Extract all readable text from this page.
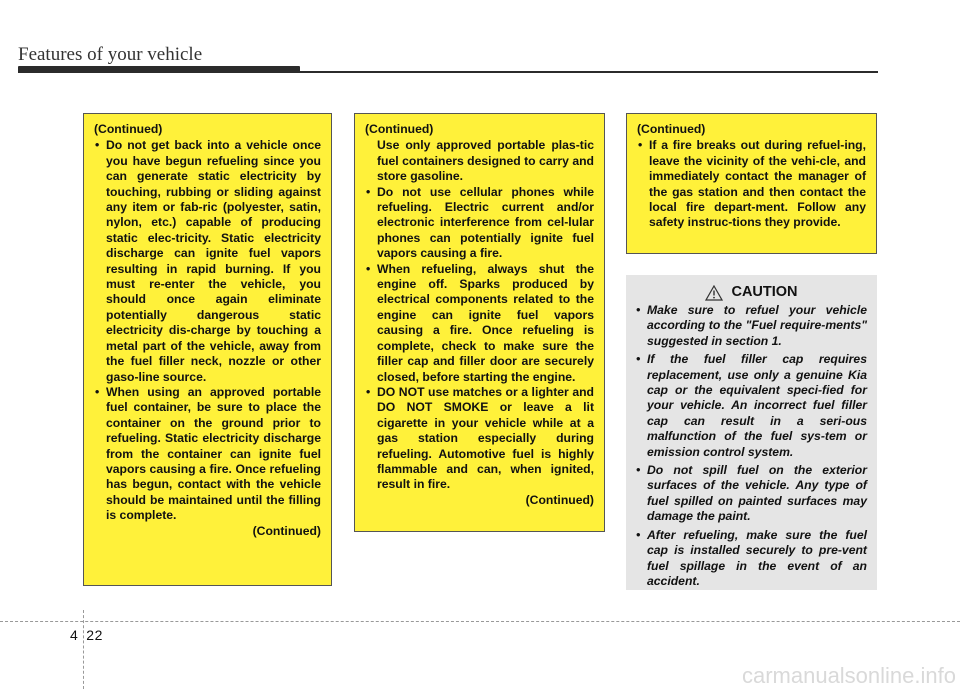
Features of your vehicle
(Continued)
• Do not get back into a vehicle once you have begun refueling since you can generate static electricity by touching, rubbing or sliding against any item or fab-ric (polyester, satin, nylon, etc.) capable of producing static elec-tricity. Static electricity discharge can ignite fuel vapors resulting in rapid burning. If you must re-enter the vehicle, you should once again eliminate potentially dangerous static electricity dis-charge by touching a metal part of the vehicle, away from the fuel filler neck, nozzle or other gaso-line source.
• When using an approved portable fuel container, be sure to place the container on the ground prior to refueling. Static electricity discharge from the container can ignite fuel vapors causing a fire. Once refueling has begun, contact with the vehicle should be maintained until the filling is complete.
(Continued)
(Continued)
Use only approved portable plas-tic fuel containers designed to carry and store gasoline.
• Do not use cellular phones while refueling. Electric current and/or electronic interference from cel-lular phones can potentially ignite fuel vapors causing a fire.
• When refueling, always shut the engine off. Sparks produced by electrical components related to the engine can ignite fuel vapors causing a fire. Once refueling is complete, check to make sure the filler cap and filler door are securely closed, before starting the engine.
• DO NOT use matches or a lighter and DO NOT SMOKE or leave a lit cigarette in your vehicle while at a gas station especially during refueling. Automotive fuel is highly flammable and can, when ignited, result in fire.
(Continued)
(Continued)
• If a fire breaks out during refuel-ing, leave the vicinity of the vehi-cle, and immediately contact the manager of the gas station and then contact the local fire depart-ment. Follow any safety instruc-tions they provide.
CAUTION
• Make sure to refuel your vehicle according to the "Fuel require-ments" suggested in section 1.
• If the fuel filler cap requires replacement, use only a genuine Kia cap or the equivalent speci-fied for your vehicle. An incorrect fuel filler cap can result in a seri-ous malfunction of the fuel sys-tem or emission control system.
• Do not spill fuel on the exterior surfaces of the vehicle. Any type of fuel spilled on painted surfaces may damage the paint.
• After refueling, make sure the fuel cap is installed securely to pre-vent fuel spillage in the event of an accident.
4 22
carmanualsonline.info
